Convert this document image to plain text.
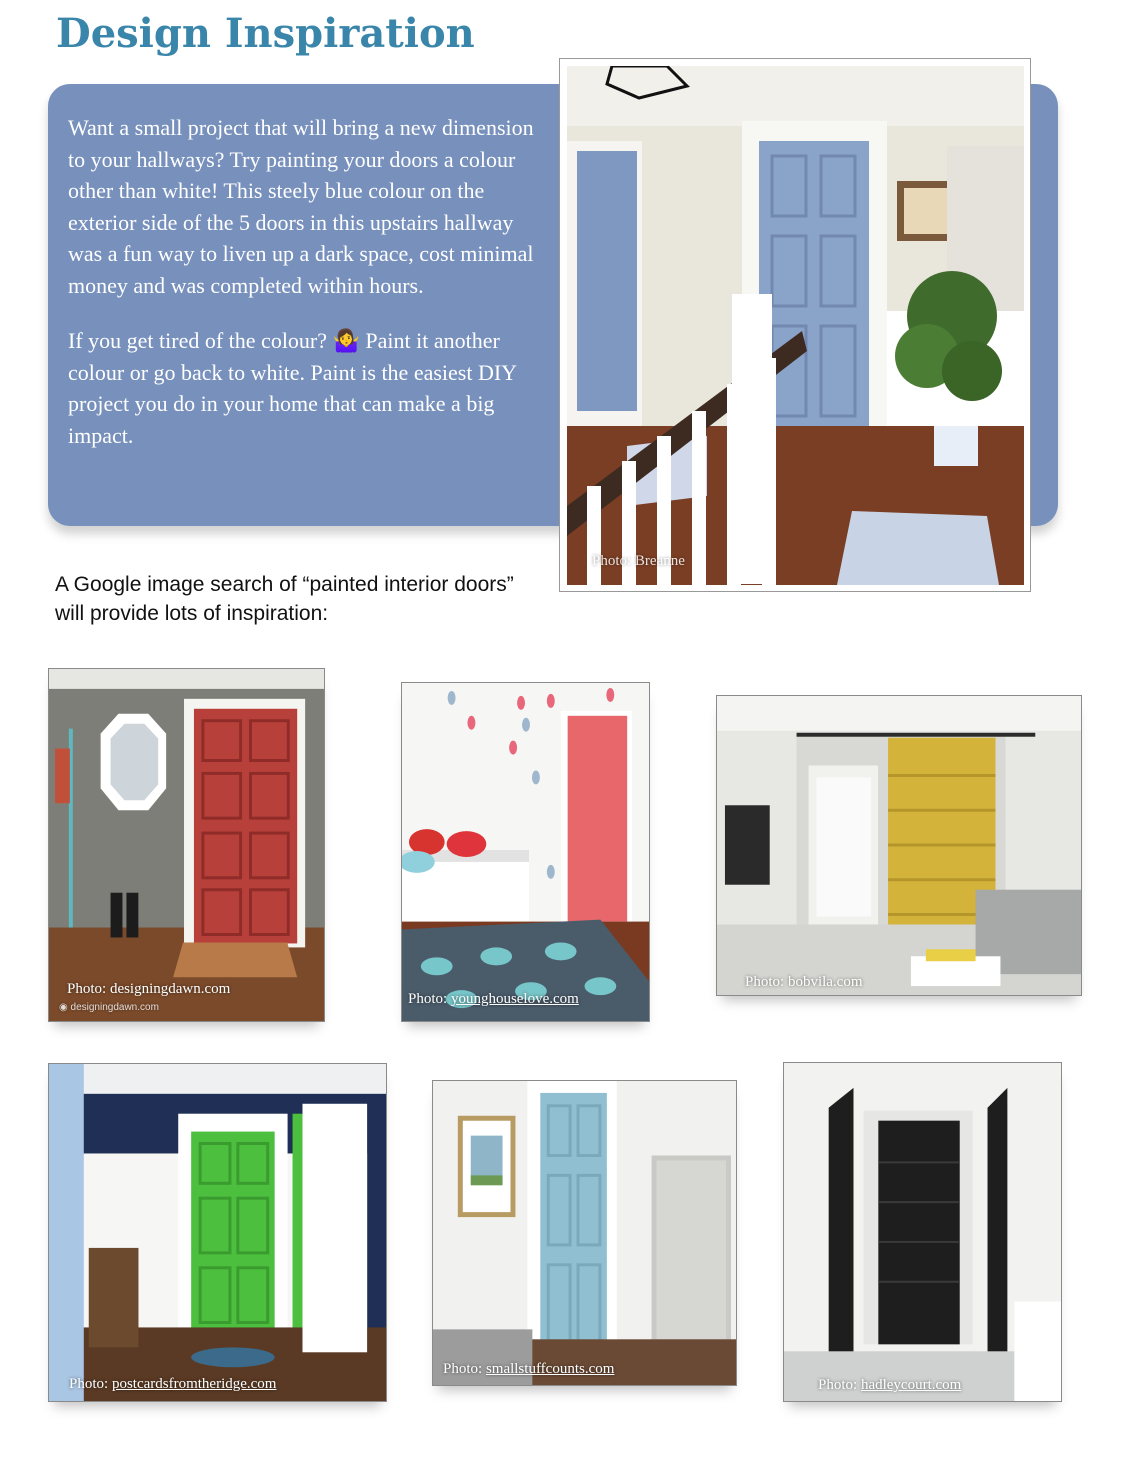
Design Inspiration

Want a small project that will bring a new dimension to your hallways? Try painting your doors a colour other than white! This steely blue colour on the exterior side of the 5 doors in this upstairs hallway was a fun way to liven up a dark space, cost minimal money and was completed within hours.

If you get tired of the colour? 🤷‍♀️ Paint it another colour or go back to white. Paint is the easiest DIY project you do in your home that can make a big impact.

Photo: Breanne
A Google image search of “painted interior doors” will provide lots of inspiration:
Photo: designingdawn.com
◉ designingdawn.com
Photo: younghouselove.com
Photo: bobvila.com
Photo: postcardsfromtheridge.com
Photo: smallstuffcounts.com
Photo: hadleycourt.com
